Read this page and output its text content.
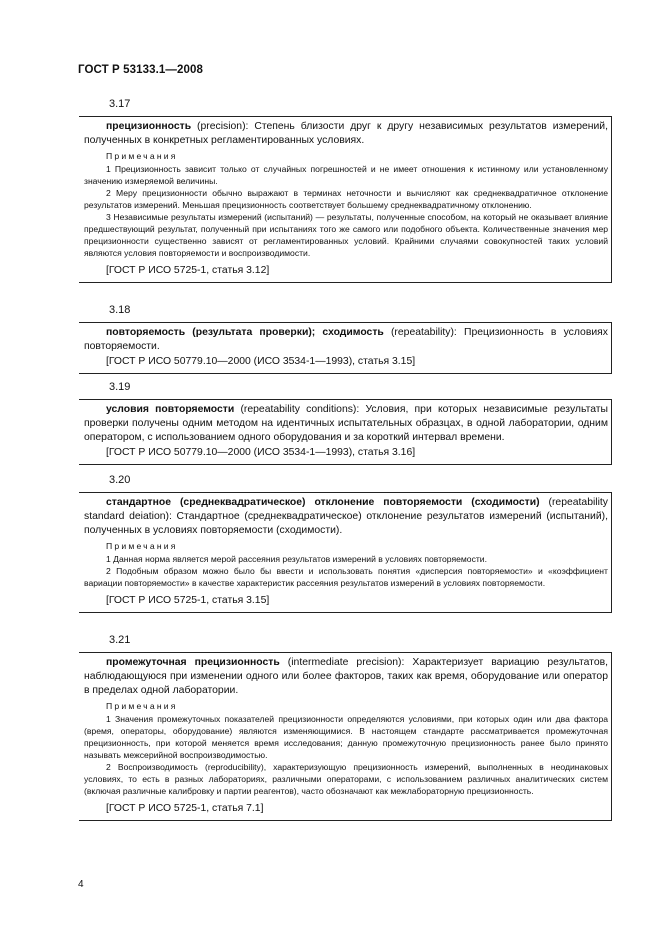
ГОСТ Р 53133.1—2008
3.17

прецизионность (precision): Степень близости друг к другу независимых результатов измерений, полученных в конкретных регламентированных условиях.

Примечания

1 Прецизионность зависит только от случайных погрешностей и не имеет отношения к истинному или установленному значению измеряемой величины.

2 Меру прецизионности обычно выражают в терминах неточности и вычисляют как среднеквадратичное отклонение результатов измерений. Меньшая прецизионность соответствует большему среднеквадратичному отклонению.

3 Независимые результаты измерений (испытаний) — результаты, полученные способом, на который не оказывает влияние предшествующий результат, полученный при испытаниях того же самого или подобного объекта. Количественные значения мер прецизионности существенно зависят от регламентированных условий. Крайними случаями совокупностей таких условий являются условия повторяемости и воспроизводимости.

[ГОСТ Р ИСО 5725-1, статья 3.12]
3.18

повторяемость (результата проверки); сходимость (repeatability): Прецизионность в условиях повторяемости.

[ГОСТ Р ИСО 50779.10—2000 (ИСО 3534-1—1993), статья 3.15]
3.19

условия повторяемости (repeatability conditions): Условия, при которых независимые результаты проверки получены одним методом на идентичных испытательных образцах, в одной лаборатории, одним оператором, с использованием одного оборудования и за короткий интервал времени.

[ГОСТ Р ИСО 50779.10—2000 (ИСО 3534-1—1993), статья 3.16]
3.20

стандартное (среднеквадратическое) отклонение повторяемости (сходимости) (repeatability standard deiation): Стандартное (среднеквадратическое) отклонение результатов измерений (испытаний), полученных в условиях повторяемости (сходимости).

Примечания

1 Данная норма является мерой рассеяния результатов измерений в условиях повторяемости.

2 Подобным образом можно было бы ввести и использовать понятия «дисперсия повторяемости» и «коэффициент вариации повторяемости» в качестве характеристик рассеяния результатов измерений в условиях повторяемости.

[ГОСТ Р ИСО 5725-1, статья 3.15]
3.21

промежуточная прецизионность (intermediate precision): Характеризует вариацию результатов, наблюдающуюся при изменении одного или более факторов, таких как время, оборудование или оператор в пределах одной лаборатории.

Примечания

1 Значения промежуточных показателей прецизионности определяются условиями, при которых один или два фактора (время, операторы, оборудование) являются изменяющимися. В настоящем стандарте рассматривается промежуточная прецизионность, при которой меняется время исследования; данную промежуточную прецизионность ранее было принято называть межсерийной воспроизводимостью.

2 Воспроизводимость (reproducibility), характеризующую прецизионность измерений, выполненных в неодинаковых условиях, то есть в разных лабораториях, различными операторами, с использованием различных аналитических систем (включая различные калибровку и партии реагентов), часто обозначают как межлабораторную прецизионность.

[ГОСТ Р ИСО 5725-1, статья 7.1]
4
